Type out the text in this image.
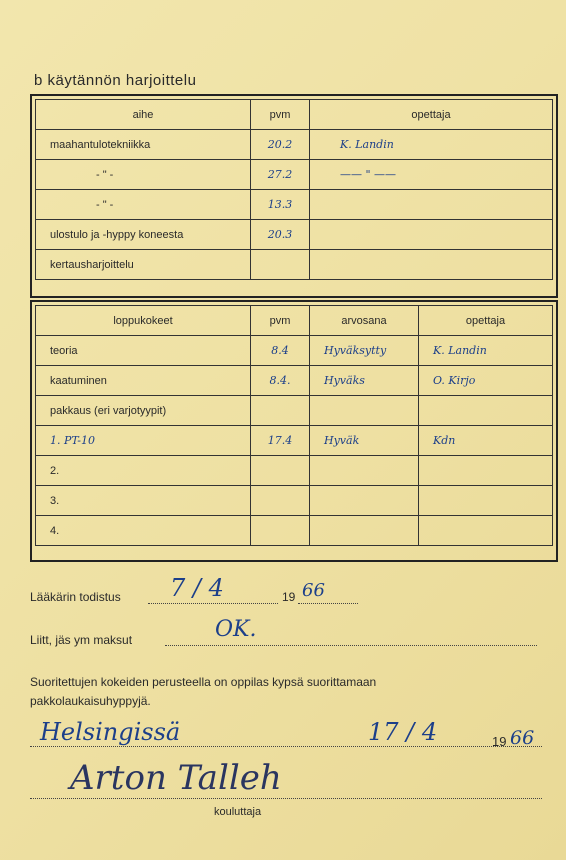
b käytännön harjoittelu
aihe	pvm	opettaja
maahantulotekniikka	20.2	K. Landin
- " -	27.2	—— " ——
- " -	13.3	
ulostulo ja -hyppy koneesta	20.3	
kertausharjoittelu		
loppukokeet	pvm	arvosana	opettaja
teoria	8.4	Hyväksytty	K. Landin
kaatuminen	8.4.	Hyväks	O. Kirjo
pakkaus (eri varjotyypit)			
1. PT-10	17.4	Hyväk	Kdn
2.			
3.			
4.			
Lääkärin todistus 7 / 4	19 66
Liitt, jäs ym maksut	OK.
Suoritettujen kokeiden perusteella on oppilas kypsä suorittamaan pakkolaukaisuhyppyjä.
Helsingissä	17 / 4	19 66
Arton Talleh
kouluttaja
